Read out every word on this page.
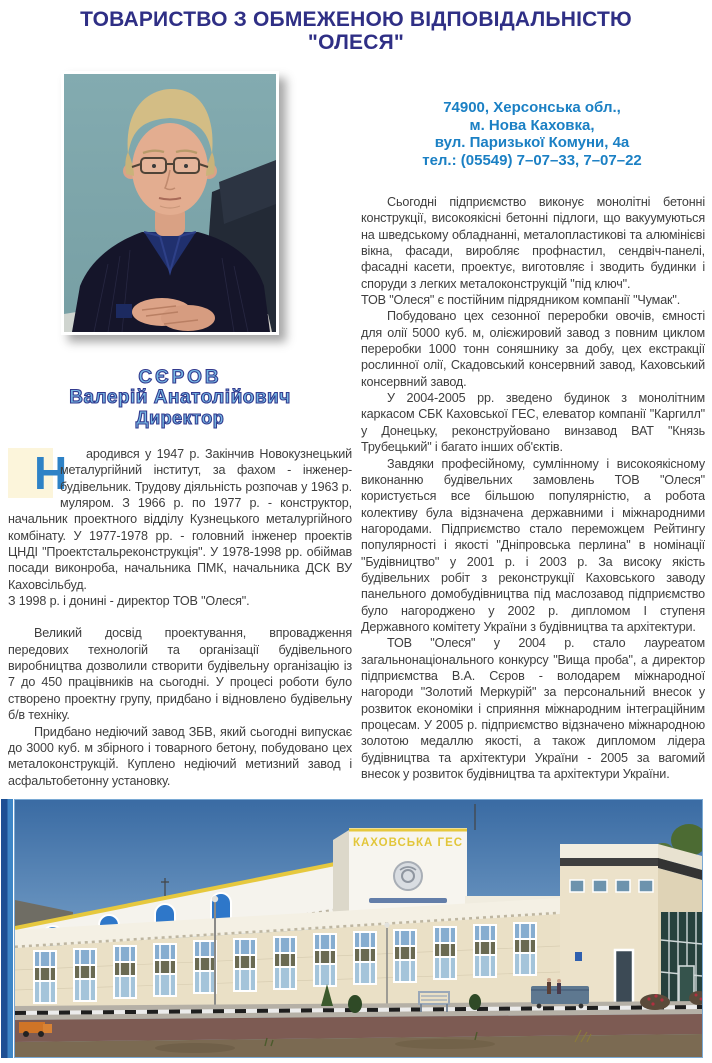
ТОВАРИСТВО З ОБМЕЖЕНОЮ ВІДПОВІДАЛЬНІСТЮ
"ОЛЕСЯ"
СЄРОВ
Валерій Анатолійович
Директор
74900, Херсонська обл.,
м. Нова Каховка,
вул. Паризької Комуни, 4а
тел.: (05549) 7–07–33, 7–07–22

Сьогодні підприємство виконує монолітні бетонні конструкції, високоякісні бетонні підлоги, що вакуумуються на шведському обладнанні, металопластикові та алюмінієві вікна, фасади, виробляє профнастил, сендвіч-панелі, фасадні касети, проектує, виготовляє і зводить будинки і споруди з легких металоконструкцій "під ключ".

ТОВ "Олеся" є постійним підрядником компанії "Чумак".

Побудовано цех сезонної переробки овочів, ємності для олії 5000 куб. м, олієжировий завод з повним циклом переробки 1000 тонн соняшнику за добу, цех екстракції рослинної олії, Скадовський консервний завод, Каховський консервний завод.

У 2004-2005 рр. зведено будинок з монолітним каркасом СБК Каховської ГЕС, елеватор компанії "Каргилл" у Донецьку, реконструйовано винзавод ВАТ "Князь Трубецький" і багато інших об'єктів.

Завдяки професійному, сумлінному і високоякісному виконанню будівельних замовлень ТОВ "Олеся" користується все більшою популярністю, а робота колективу була відзначена державними і міжнародними нагородами. Підприємство стало переможцем Рейтингу популярності і якості "Дніпровська перлина" в номінації "Будівництво" у 2001 р. і 2003 р. За високу якість будівельних робіт з реконструкції Каховського заводу панельного домобудівництва під маслозавод підприємство було нагороджено у 2002 р. дипломом І ступеня Державного комітету України з будівництва та архітектури.

ТОВ "Олеся" у 2004 р. стало лауреатом загальнонаціонального конкурсу "Вища проба", а директор підприємства В.А. Сєров - володарем міжнародної нагороди "Золотий Меркурій" за персональний внесок у розвиток економіки і сприяння міжнародним інтеграційним процесам. У 2005 р. підприємство відзначено міжнародною золотою медаллю якості, а також дипломом лідера будівництва та архітектури України - 2005 за вагомий внесок у розвиток будівництва та архітектури України.

Н ародився у 1947 р. Закінчив Новокузнецький металургійний інститут, за фахом - інженер-будівельник. Трудову діяльність розпочав у 1963 р. муляром. З 1966 р. по 1977 р. - конструктор, начальник проектного відділу Кузнецького металургійного комбінату. У 1977-1978 рр. - головний інженер проектів ЦНДІ "Проектстальреконструкція". У 1978-1998 рр. обіймав посади виконроба, начальника ПМК, начальника ДСК ВУ Каховсільбуд.

З 1998 р. і донині - директор ТОВ "Олеся".

Великий досвід проектування, впровадження передових технологій та організації будівельного виробництва дозволили створити будівельну організацію із 7 до 450 працівників на сьогодні. У процесі роботи було створено проектну групу, придбано і відновлено будівельну б/в техніку.

Придбано недіючий завод ЗБВ, який сьогодні випускає до 3000 куб. м збірного і товарного бетону, побудовано цех металоконструкцій. Куплено недіючий метизний завод і асфальтобетонну установку.

КАХОВСЬКА ГЕС
